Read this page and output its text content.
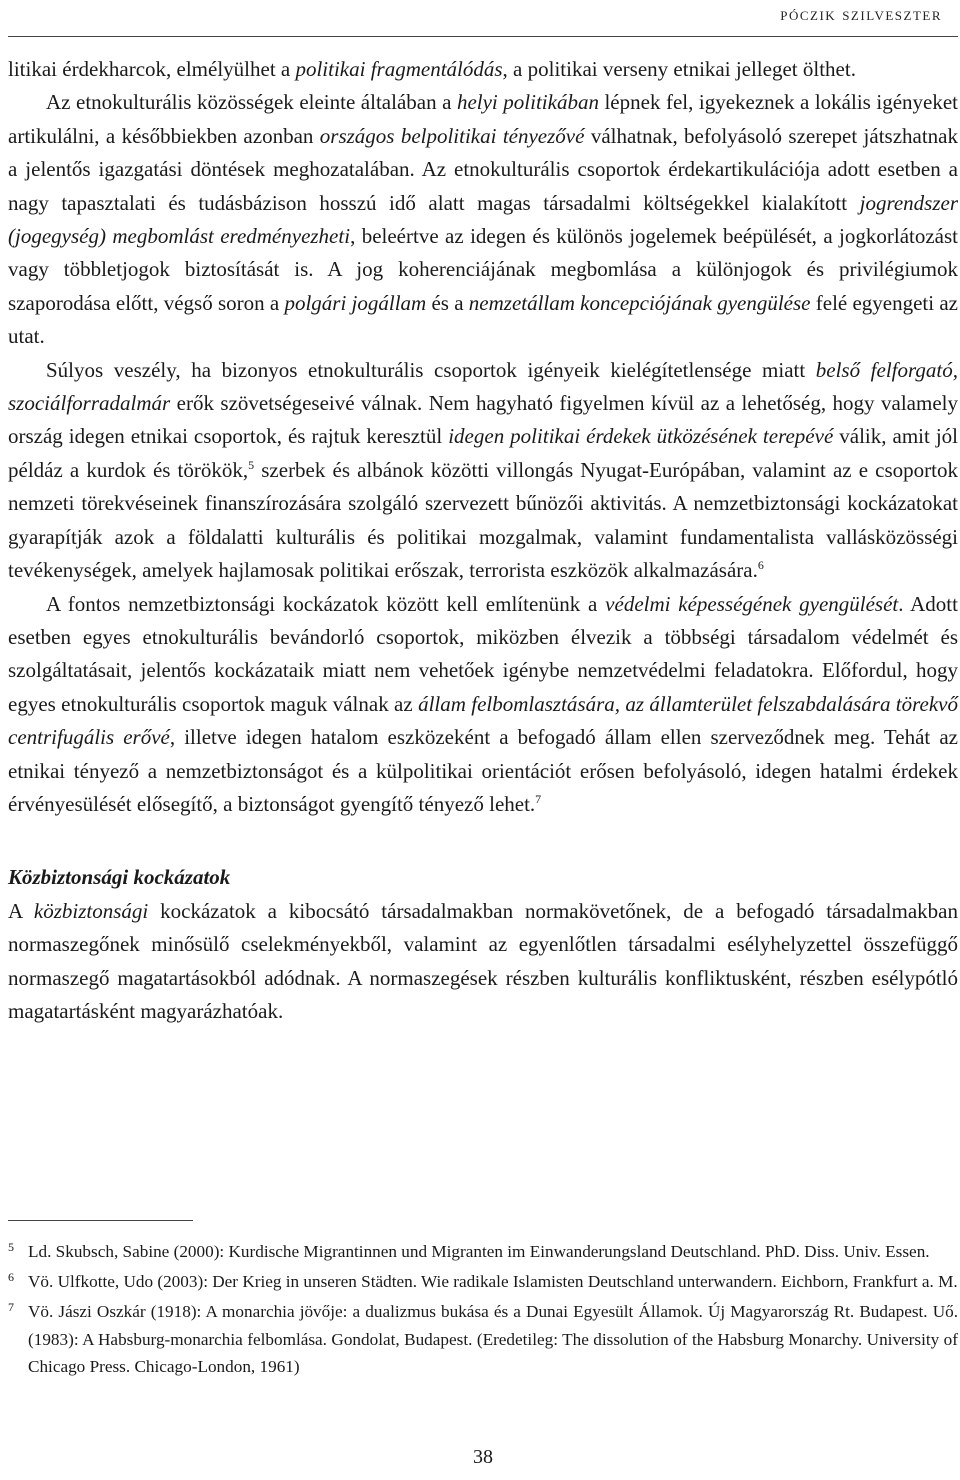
póczik szilveszter

litikai érdekharcok, elmélyülhet a politikai fragmentálódás, a politikai verseny etnikai jelleget ölthet.

Az etnokulturális közösségek eleinte általában a helyi politikában lépnek fel, igyekeznek a lokális igényeket artikulálni, a későbbiekben azonban országos belpolitikai tényezővé válhatnak, befolyásoló szerepet játszhatnak a jelentős igazgatási döntések meghozatalában. Az etnokulturális csoportok érdekartikulációja adott esetben a nagy tapasztalati és tudásbázison hosszú idő alatt magas társadalmi költségekkel kialakított jogrendszer (jogegység) megbomlást eredményezheti, beleértve az idegen és különös jogelemek beépülését, a jogkorlátozást vagy többletjogok biztosítását is. A jog koherenciájának megbomlása a különjogok és privilégiumok szaporodása előtt, végső soron a polgári jogállam és a nemzetállam koncepciójának gyengülése felé egyengeti az utat.

Súlyos veszély, ha bizonyos etnokulturális csoportok igényeik kielégítetlensége miatt belső felforgató, szociálforradalmár erők szövetségeseivé válnak. Nem hagyható figyelmen kívül az a lehetőség, hogy valamely ország idegen etnikai csoportok, és rajtuk keresztül idegen politikai érdekek ütközésének terepévé válik, amit jól példáz a kurdok és törökök,$^5$ szerbek és albánok közötti villongás Nyugat-Európában, valamint az e csoportok nemzeti törekvéseinek finanszírozására szolgáló szervezett bűnözői aktivitás. A nemzetbiztonsági kockázatokat gyarapítják azok a földalatti kulturális és politikai mozgalmak, valamint fundamentalista vallásközösségi tevékenységek, amelyek hajlamosak politikai erőszak, terrorista eszközök alkalmazására.$^6$

A fontos nemzetbiztonsági kockázatok között kell említenünk a védelmi képességének gyengülését. Adott esetben egyes etnokulturális bevándorló csoportok, miközben élvezik a többségi társadalom védelmét és szolgáltatásait, jelentős kockázataik miatt nem vehetőek igénybe nemzetvédelmi feladatokra. Előfordul, hogy egyes etnokulturális csoportok maguk válnak az állam felbomlasztására, az államterület felszabdalására törekvő centrifugális erővé, illetve idegen hatalom eszközeként a befogadó állam ellen szerveződnek meg. Tehát az etnikai tényező a nemzetbiztonságot és a külpolitikai orientációt erősen befolyásoló, idegen hatalmi érdekek érvényesülését elősegítő, a biztonságot gyengítő tényező lehet.$^7$

Közbiztonsági kockázatok

A közbiztonsági kockázatok a kibocsátó társadalmakban normakövetőnek, de a befogadó társadalmakban normaszegőnek minősülő cselekményekből, valamint az egyenlőtlen társadalmi esélyhelyzettel összefüggő normaszegő magatartásokból adódnak. A normaszegések részben kulturális konfliktusként, részben esélypótló magatartásként magyarázhatóak.

5 Ld. Skubsch, Sabine (2000): Kurdische Migrantinnen und Migranten im Einwanderungsland Deutschland. PhD. Diss. Univ. Essen.
6 Vö. Ulfkotte, Udo (2003): Der Krieg in unseren Städten. Wie radikale Islamisten Deutschland unterwandern. Eichborn, Frankfurt a. M.
7 Vö. Jászi Oszkár (1918): A monarchia jövője: a dualizmus bukása és a Dunai Egyesült Államok. Új Magyarország Rt. Budapest. Uő. (1983): A Habsburg-monarchia felbomlása. Gondolat, Budapest. (Eredetileg: The dissolution of the Habsburg Monarchy. University of Chicago Press. Chicago-London, 1961)
38
